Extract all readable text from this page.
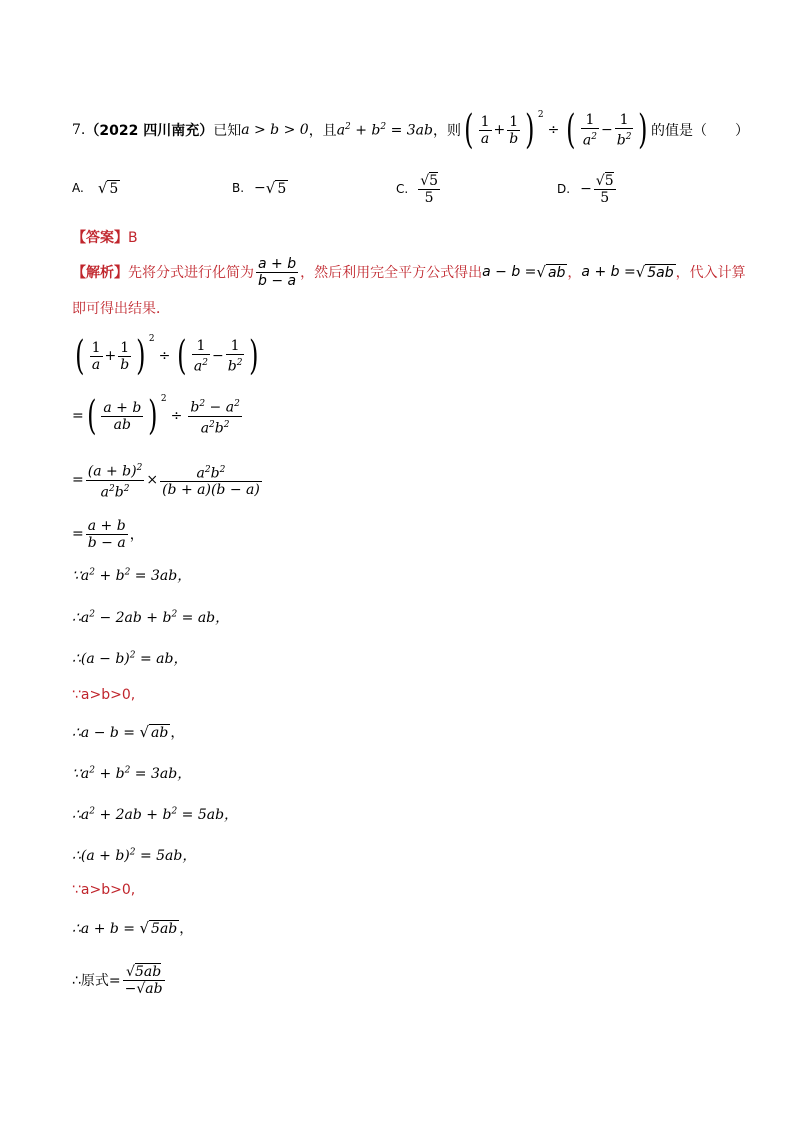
7. （2022 四川南充） 已知 a > b > 0 ，且 $a^2 + b^2 = 3ab$ ，则 ( $\frac{1}{a} + \frac{1}{b}$ ) $^2$
÷ ( $\frac{1}{a^2} - \frac{1}{b^2}$ ) 的值是（　　）
A. √ 5	B. − √ 5	C. $\frac{√5}{5}$	D. − $\frac{√5}{5}$
【答案】B
【解析】 先将分式进行化简为 $\frac{a + b}{b - a}$ ，然后利用完全平方公式得出 a − b = √ ab ， a + b = √ 5ab ，代入计算
即可得出结果．
( $\frac{1}{a} + \frac{1}{b}$ ) $^2$
÷ ( $\frac{1}{a^2} - \frac{1}{b^2}$ )
= ( $\frac{a + b}{ab}$ ) $^2$
÷ $\frac{b^2 - a^2}{a^2b^2}$
= $\frac{(a + b)^2}{a^2b^2} \times \frac{a^2b^2}{(b + a)(b - a)}$
= $\frac{a + b}{b - a}$ ，
$\because a^2 + b^2 = 3ab$，
$\therefore a^2 - 2ab + b^2$ = ab，
∴(a − b)$^2$ = ab，
∵a>b>0,
∴a − b = √ ab ，
$\because a^2 + b^2 = 3ab$，
$\therefore a^2 + 2ab + b^2 = 5ab$，
∴(a + b)$^2$ = 5ab，
∵a>b>0,
∴a + b = √ 5ab ，
∴原式= $\frac{√5ab}{-√ab}$
